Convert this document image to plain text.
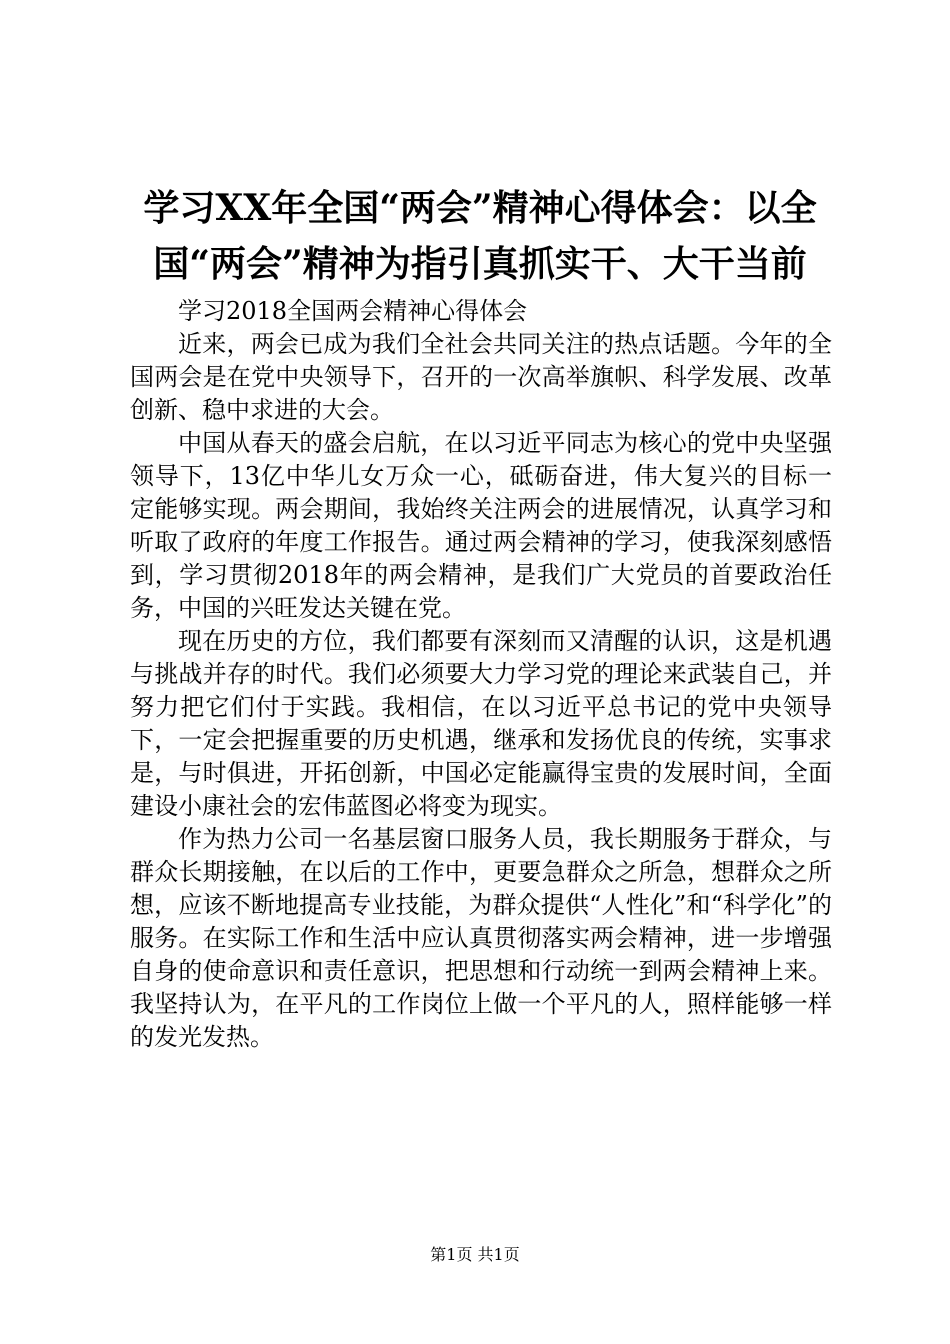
学习XX年全国“两会”精神心得体会：以全国“两会”精神为指引真抓实干、大干当前

学习2018全国两会精神心得体会

近来，两会已成为我们全社会共同关注的热点话题。今年的全国两会是在党中央领导下，召开的一次高举旗帜、科学发展、改革创新、稳中求进的大会。

中国从春天的盛会启航，在以习近平同志为核心的党中央坚强领导下，13亿中华儿女万众一心，砥砺奋进，伟大复兴的目标一定能够实现。两会期间，我始终关注两会的进展情况，认真学习和听取了政府的年度工作报告。通过两会精神的学习，使我深刻感悟到，学习贯彻2018年的两会精神，是我们广大党员的首要政治任务，中国的兴旺发达关键在党。

现在历史的方位，我们都要有深刻而又清醒的认识，这是机遇与挑战并存的时代。我们必须要大力学习党的理论来武装自己，并努力把它们付于实践。我相信，在以习近平总书记的党中央领导下，一定会把握重要的历史机遇，继承和发扬优良的传统，实事求是，与时俱进，开拓创新，中国必定能赢得宝贵的发展时间，全面建设小康社会的宏伟蓝图必将变为现实。

作为热力公司一名基层窗口服务人员，我长期服务于群众，与群众长期接触，在以后的工作中，更要急群众之所急，想群众之所想，应该不断地提高专业技能，为群众提供“人性化”和“科学化”的服务。在实际工作和生活中应认真贯彻落实两会精神，进一步增强自身的使命意识和责任意识，把思想和行动统一到两会精神上来。我坚持认为，在平凡的工作岗位上做一个平凡的人，照样能够一样的发光发热。

第1页 共1页
